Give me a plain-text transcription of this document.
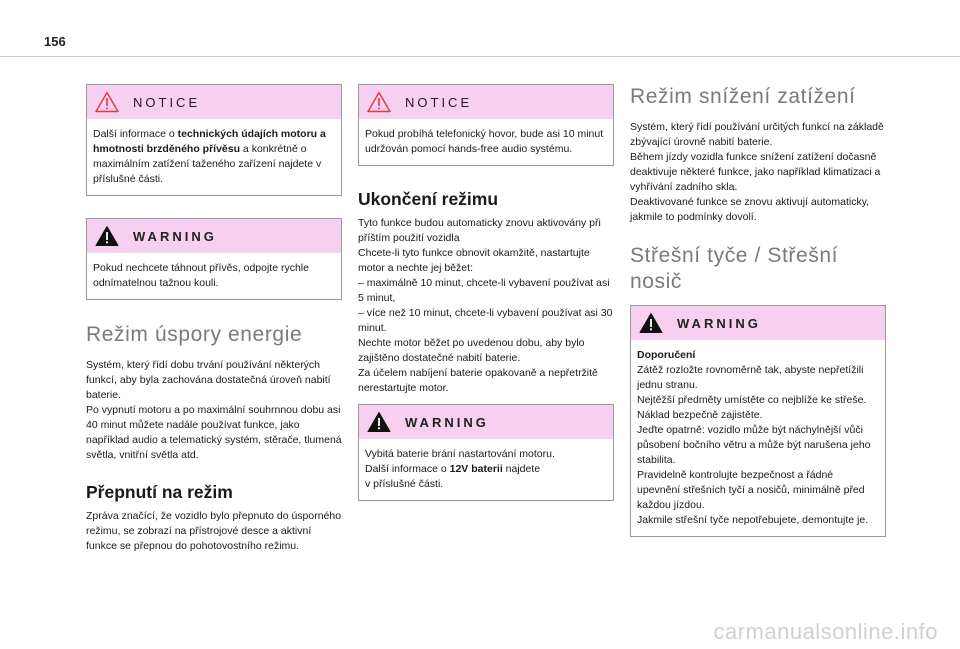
156
NOTICE
Další informace o technických údajích motoru a hmotnosti brzděného přívěsu a konkrétně o maximálním zatížení taženého zařízení najdete v příslušné části.
WARNING
Pokud nechcete táhnout přívěs, odpojte rychle odnímatelnou tažnou kouli.
Režim úspory energie
Systém, který řídí dobu trvání používání některých funkcí, aby byla zachována dostatečná úroveň nabití baterie.
Po vypnutí motoru a po maximální souhrnnou dobu asi 40 minut můžete nadále používat funkce, jako například audio a telematický systém, stěrače, tlumená světla, vnitřní světla atd.
Přepnutí na režim
Zpráva značící, že vozidlo bylo přepnuto do úsporného režimu, se zobrazí na přístrojové desce a aktivní funkce se přepnou do pohotovostního režimu.
NOTICE
Pokud probíhá telefonický hovor, bude asi 10 minut udržován pomocí hands-free audio systému.
Ukončení režimu
Tyto funkce budou automaticky znovu aktivovány při příštím použití vozidla
Chcete-li tyto funkce obnovit okamžitě, nastartujte motor a nechte jej běžet:
– maximálně 10 minut, chcete-li vybavení používat asi 5 minut,
– více než 10 minut, chcete-li vybavení používat asi 30 minut.
Nechte motor běžet po uvedenou dobu, aby bylo zajištěno dostatečné nabití baterie.
Za účelem nabíjení baterie opakovaně a nepřetržitě nerestartujte motor.
WARNING
Vybitá baterie brání nastartování motoru.
Další informace o 12V baterii najdete
v příslušné části.
Režim snížení zatížení
Systém, který řídí používání určitých funkcí na základě zbývající úrovně nabití baterie.
Během jízdy vozidla funkce snížení zatížení dočasně deaktivuje některé funkce, jako například klimatizaci a vyhřívání zadního skla.
Deaktivované funkce se znovu aktivují automaticky, jakmile to podmínky dovolí.
Střešní tyče / Střešní
nosič
WARNING
Doporučení
Zátěž rozložte rovnoměrně tak, abyste nepřetížili jednu stranu.
Nejtěžší předměty umístěte co nejblíže ke střeše.
Náklad bezpečně zajistěte.
Jeďte opatrně: vozidlo může být náchylnější vůči působení bočního větru a může být narušena jeho stabilita.
Pravidelně kontrolujte bezpečnost a řádné upevnění střešních tyčí a nosičů, minimálně před každou jízdou.
Jakmile střešní tyče nepotřebujete, demontujte je.
carmanualsonline.info
